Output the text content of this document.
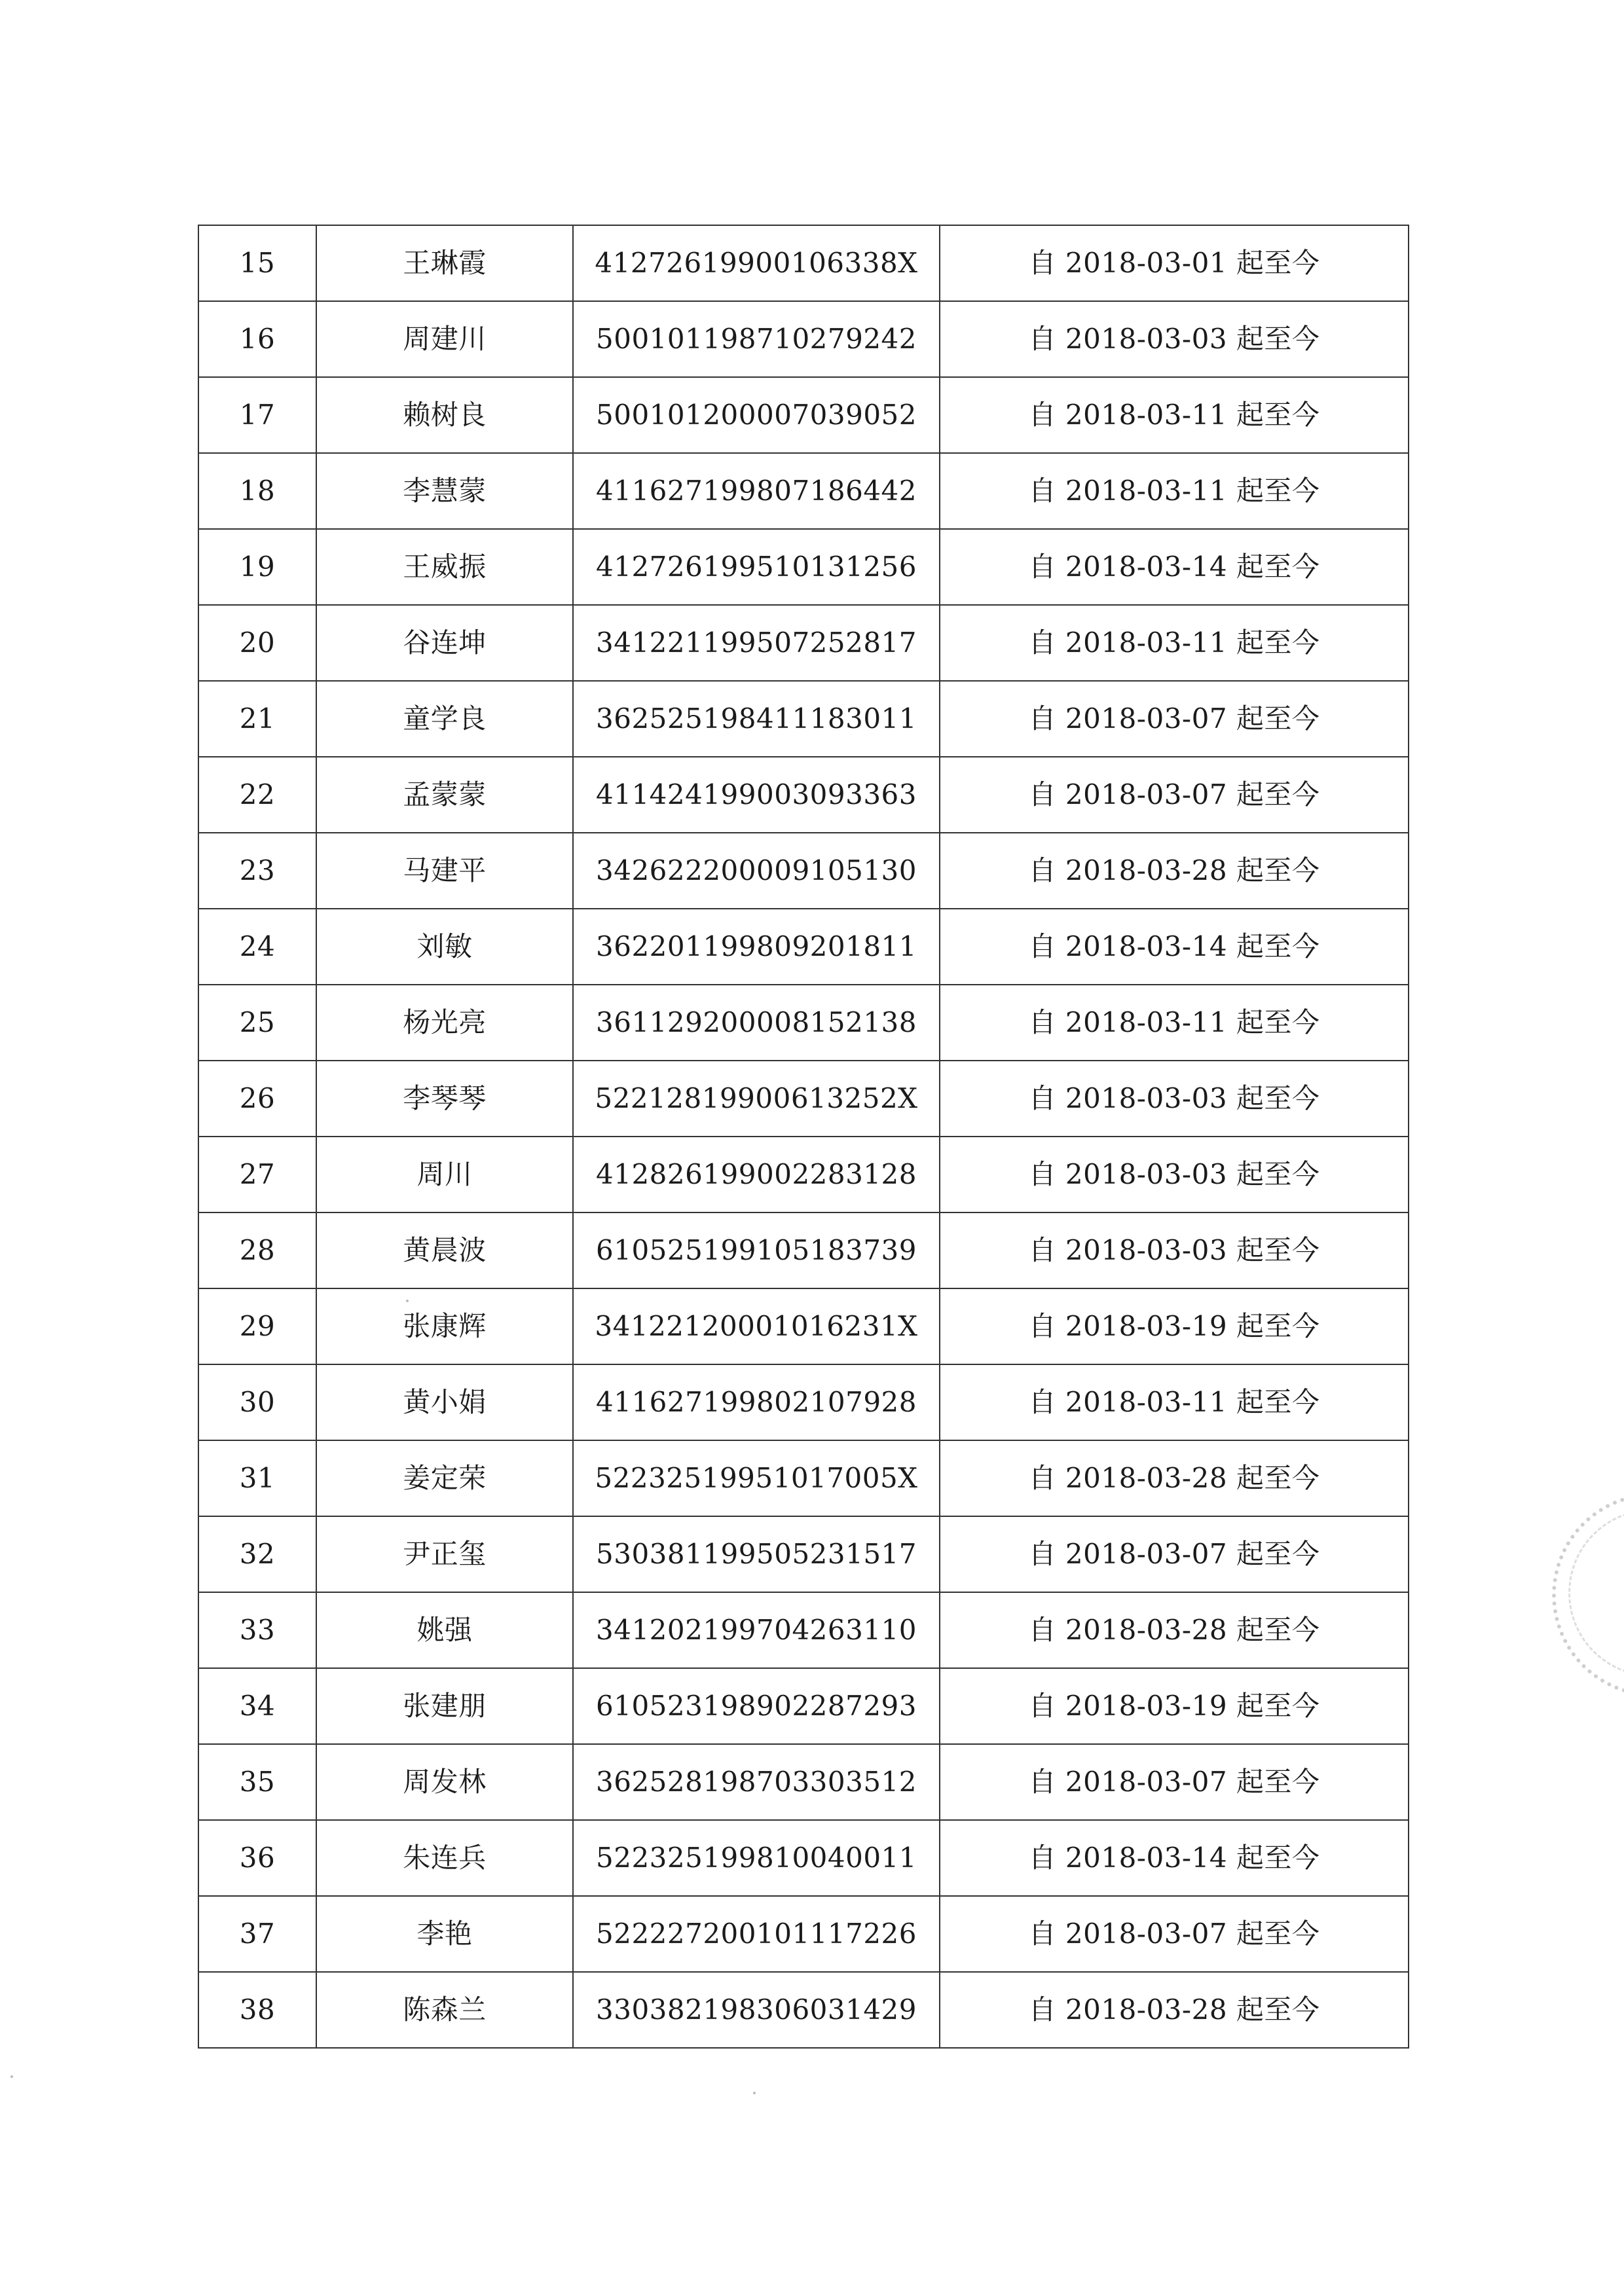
15	王琳霞	41272619900106338X	自 2018-03-01 起至今
16	周建川	500101198710279242	自 2018-03-03 起至今
17	赖树良	500101200007039052	自 2018-03-11 起至今
18	李慧蒙	411627199807186442	自 2018-03-11 起至今
19	王威振	412726199510131256	自 2018-03-14 起至今
20	谷连坤	341221199507252817	自 2018-03-11 起至今
21	童学良	362525198411183011	自 2018-03-07 起至今
22	孟蒙蒙	411424199003093363	自 2018-03-07 起至今
23	马建平	342622200009105130	自 2018-03-28 起至今
24	刘敏	362201199809201811	自 2018-03-14 起至今
25	杨光亮	361129200008152138	自 2018-03-11 起至今
26	李琴琴	52212819900613252X	自 2018-03-03 起至今
27	周川	412826199002283128	自 2018-03-03 起至今
28	黄晨波	610525199105183739	自 2018-03-03 起至今
29	张康辉	34122120001016231X	自 2018-03-19 起至今
30	黄小娟	411627199802107928	自 2018-03-11 起至今
31	姜定荣	52232519951017005X	自 2018-03-28 起至今
32	尹正玺	530381199505231517	自 2018-03-07 起至今
33	姚强	341202199704263110	自 2018-03-28 起至今
34	张建朋	610523198902287293	自 2018-03-19 起至今
35	周发林	362528198703303512	自 2018-03-07 起至今
36	朱连兵	522325199810040011	自 2018-03-14 起至今
37	李艳	522227200101117226	自 2018-03-07 起至今
38	陈森兰	330382198306031429	自 2018-03-28 起至今
